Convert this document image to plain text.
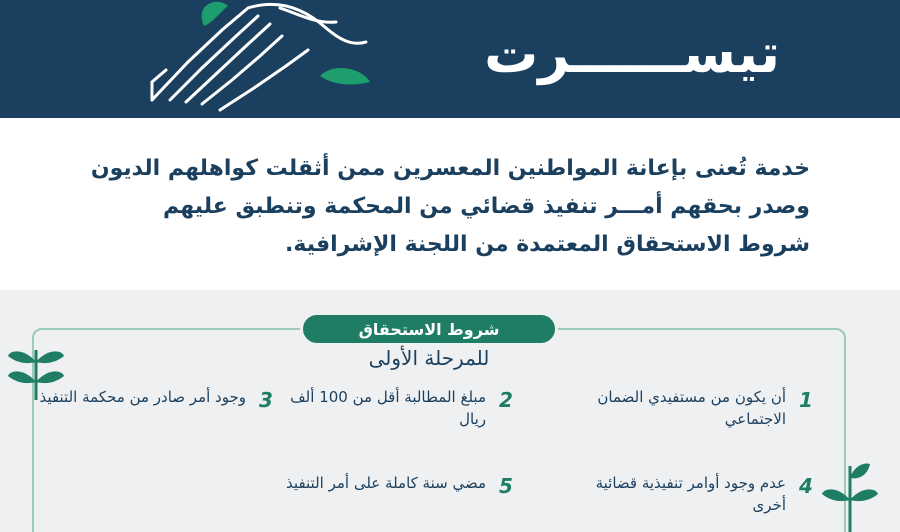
تيســــــرت

خدمة تُعنى بإعانة المواطنين المعسرين ممن أثقلت كواهلهم الديون وصدر بحقهم أمـــر تنفيذ قضائي من المحكمة وتنطبق عليهم شروط الاستحقاق المعتمدة من اللجنة الإشرافية.

شروط الاستحقاق
للمرحلة الأولى
1

أن يكون من مستفيدي الضمان الاجتماعي

2

مبلغ المطالبة أقل من 100 ألف ريال

3

وجود أمر صادر من محكمة التنفيذ

4

عدم وجود أوامر تنفيذية قضائية أخرى

5

مضي سنة كاملة على أمر التنفيذ
